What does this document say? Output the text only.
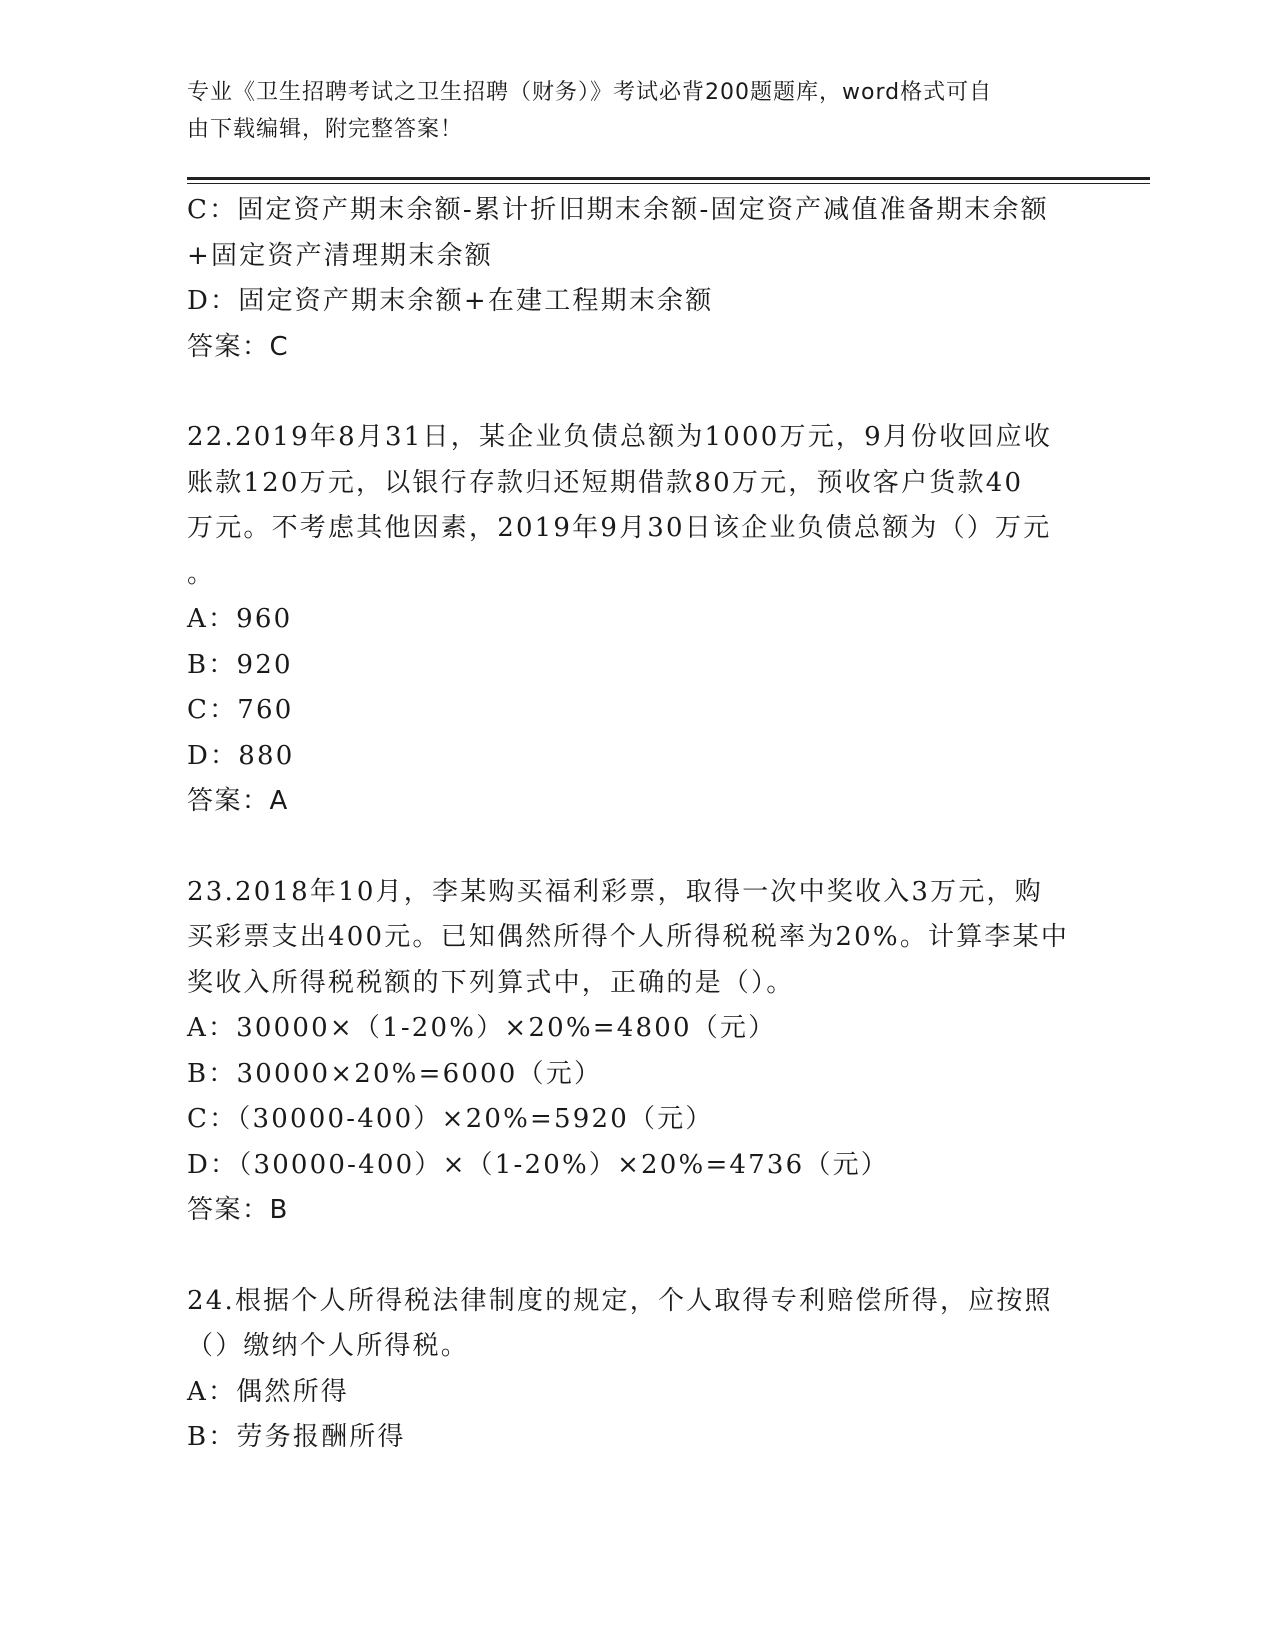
专业《卫生招聘考试之卫生招聘（财务）》考试必背200题题库，word格式可自
由下载编辑，附完整答案！

C：固定资产期末余额-累计折旧期末余额-固定资产减值准备期末余额

+固定资产清理期末余额

D：固定资产期末余额+在建工程期末余额

答案：C

22.2019年8月31日，某企业负债总额为1000万元，9月份收回应收

账款120万元，以银行存款归还短期借款80万元，预收客户货款40

万元。不考虑其他因素，2019年9月30日该企业负债总额为（）万元

。

A：960

B：920

C：760

D：880

答案：A

23.2018年10月，李某购买福利彩票，取得一次中奖收入3万元，购

买彩票支出400元。已知偶然所得个人所得税税率为20%。计算李某中

奖收入所得税税额的下列算式中，正确的是（）。

A：30000×（1-20%）×20%=4800（元）

B：30000×20%=6000（元）

C：（30000-400）×20%=5920（元）

D：（30000-400）×（1-20%）×20%=4736（元）

答案：B

24.根据个人所得税法律制度的规定，个人取得专利赔偿所得，应按照

（）缴纳个人所得税。

A：偶然所得

B：劳务报酬所得
